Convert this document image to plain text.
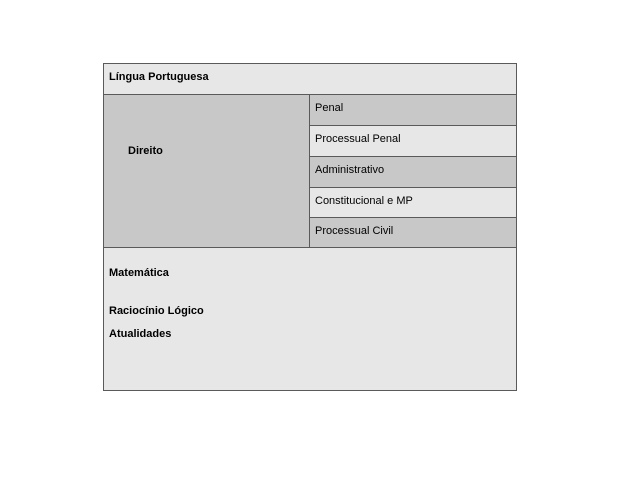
Língua Portuguesa
Direito
Penal
Processual Penal
Administrativo
Constitucional e MP
Processual Civil
Matemática
Raciocínio Lógico
Atualidades
